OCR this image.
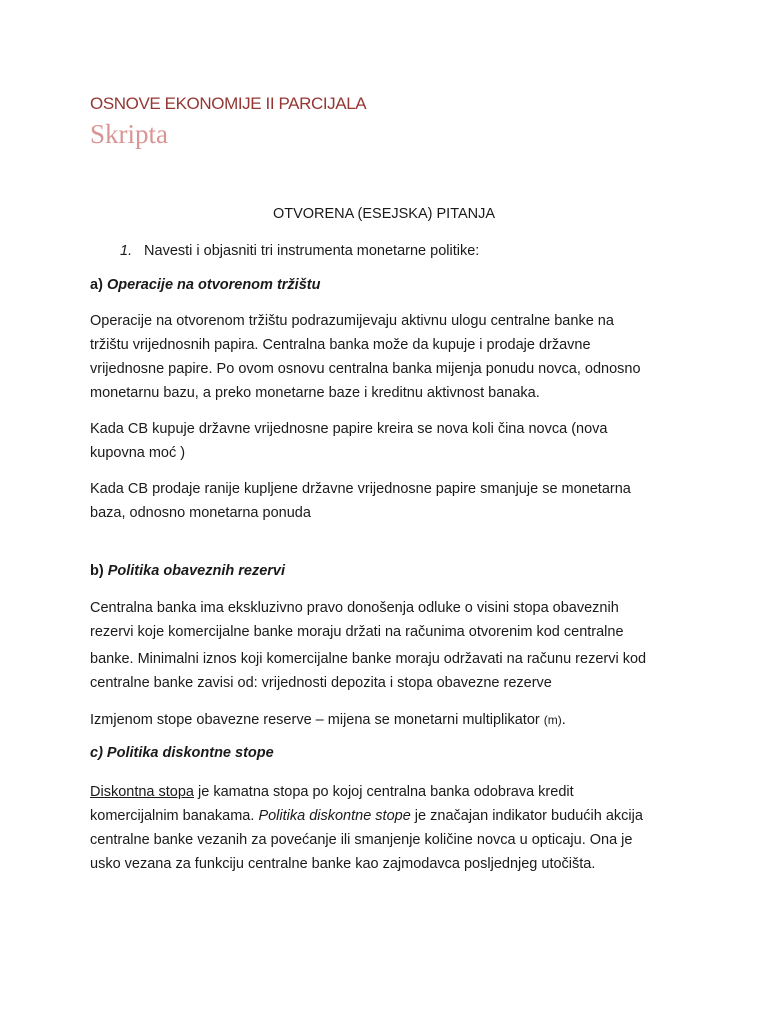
OSNOVE EKONOMIJE II PARCIJALA
Skripta
OTVORENA (ESEJSKA) PITANJA
1. Navesti i objasniti tri instrumenta monetarne politike:
a) Operacije na otvorenom tržištu
Operacije na otvorenom tržištu podrazumijevaju aktivnu ulogu centralne banke na
tržištu vrijednosnih papira. Centralna banka može da kupuje i prodaje državne
vrijednosne papire. Po ovom osnovu centralna banka mijenja ponudu novca, odnosno
monetarnu bazu, a preko monetarne baze i kreditnu aktivnost banaka.
Kada CB kupuje državne vrijednosne papire kreira se nova koli čina novca (nova
kupovna moć )
Kada CB prodaje ranije kupljene državne vrijednosne papire smanjuje se monetarna
baza, odnosno monetarna ponuda
b) Politika obaveznih rezervi
Centralna banka ima ekskluzivno pravo donošenja odluke o visini stopa obaveznih
rezervi koje komercijalne banke moraju držati na računima otvorenim kod centralne
banke. Minimalni iznos koji komercijalne banke moraju održavati na računu rezervi kod
centralne banke zavisi od: vrijednosti depozita i stopa obavezne rezerve
Izmjenom stope obavezne reserve – mijena se monetarni multiplikator (m).
c) Politika diskontne stope
Diskontna stopa je kamatna stopa po kojoj centralna banka odobrava kredit
komercijalnim banakama. Politika diskontne stope je značajan indikator budućih akcija
centralne banke vezanih za povećanje ili smanjenje količine novca u opticaju. Ona je
usko vezana za funkciju centralne banke kao zajmodavca posljednjeg utočišta.
